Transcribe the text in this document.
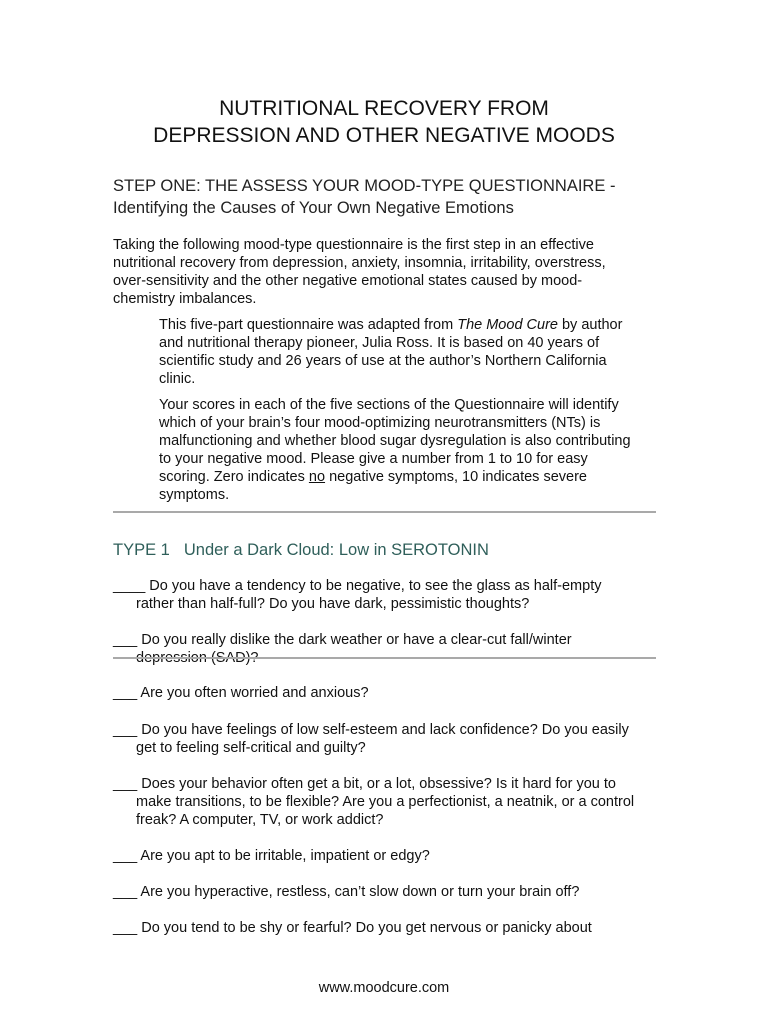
NUTRITIONAL RECOVERY FROM
DEPRESSION AND OTHER NEGATIVE MOODS
STEP ONE: THE ASSESS YOUR MOOD-TYPE QUESTIONNAIRE -
Identifying the Causes of Your Own Negative Emotions
Taking the following mood-type questionnaire is the first step in an effective
nutritional recovery from depression, anxiety, insomnia, irritability, overstress,
over-sensitivity and the other negative emotional states caused by mood-
chemistry imbalances.
This five-part questionnaire was adapted from The Mood Cure by author
and nutritional therapy pioneer, Julia Ross. It is based on 40 years of
scientific study and 26 years of use at the author’s Northern California
clinic.
Your scores in each of the five sections of the Questionnaire will identify
which of your brain’s four mood-optimizing neurotransmitters (NTs) is
malfunctioning and whether blood sugar dysregulation is also contributing
to your negative mood. Please give a number from 1 to 10 for easy
scoring. Zero indicates no negative symptoms, 10 indicates severe
symptoms.
TYPE 1 Under a Dark Cloud: Low in SEROTONIN
____ Do you have a tendency to be negative, to see the glass as half-empty
rather than half-full? Do you have dark, pessimistic thoughts?
___ Do you really dislike the dark weather or have a clear-cut fall/winter
depression (SAD)?
___ Are you often worried and anxious?
___ Do you have feelings of low self-esteem and lack confidence? Do you easily
get to feeling self-critical and guilty?
___ Does your behavior often get a bit, or a lot, obsessive? Is it hard for you to
make transitions, to be flexible? Are you a perfectionist, a neatnik, or a control
freak? A computer, TV, or work addict?
___ Are you apt to be irritable, impatient or edgy?
___ Are you hyperactive, restless, can’t slow down or turn your brain off?
___ Do you tend to be shy or fearful? Do you get nervous or panicky about
www.moodcure.com
